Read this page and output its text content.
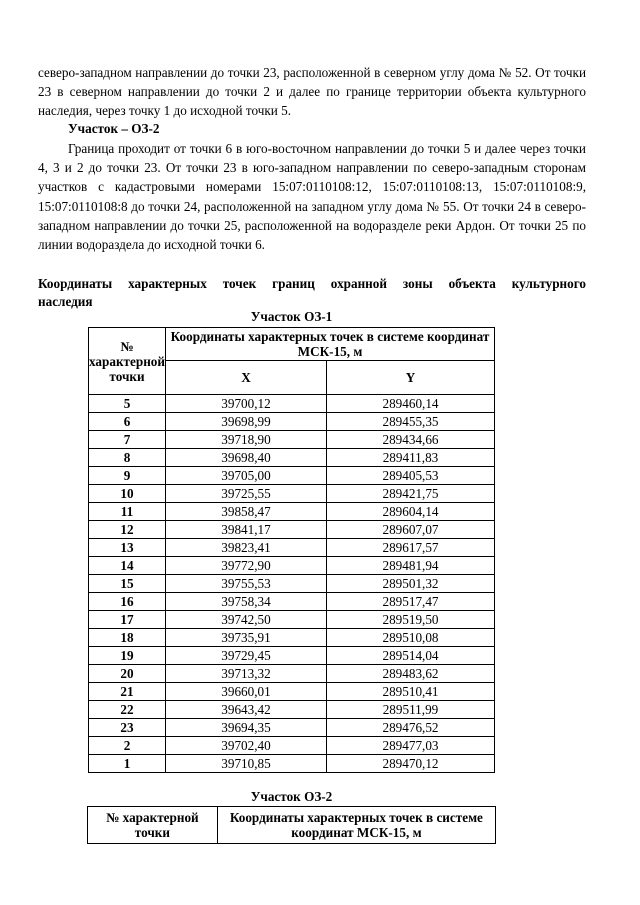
северо-западном направлении до точки 23, расположенной в северном углу дома № 52. От точки 23 в северном направлении до точки 2 и далее по границе территории объекта культурного наследия, через точку 1 до исходной точки 5.

Участок – ОЗ-2

Граница проходит от точки 6 в юго-восточном направлении до точки 5 и далее через точки 4, 3 и 2 до точки 23. От точки 23 в юго-западном направлении по северо-западным сторонам участков с кадастровыми номерами 15:07:0110108:12, 15:07:0110108:13, 15:07:0110108:9, 15:07:0110108:8 до точки 24, расположенной на западном углу дома № 55. От точки 24 в северо-западном направлении до точки 25, расположенной на водоразделе реки Ардон. От точки 25 по линии водораздела до исходной точки 6.

Координаты характерных точек границ охранной зоны объекта культурного наследия

Участок ОЗ-1

№ характерной точки	Координаты характерных точек в системе координат МСК-15, м	
	X	Y
5	39700,12	289460,14
6	39698,99	289455,35
7	39718,90	289434,66
8	39698,40	289411,83
9	39705,00	289405,53
10	39725,55	289421,75
11	39858,47	289604,14
12	39841,17	289607,07
13	39823,41	289617,57
14	39772,90	289481,94
15	39755,53	289501,32
16	39758,34	289517,47
17	39742,50	289519,50
18	39735,91	289510,08
19	39729,45	289514,04
20	39713,32	289483,62
21	39660,01	289510,41
22	39643,42	289511,99
23	39694,35	289476,52
2	39702,40	289477,03
1	39710,85	289470,12

Участок ОЗ-2

№ характерной точки	Координаты характерных точек в системе координат МСК-15, м
